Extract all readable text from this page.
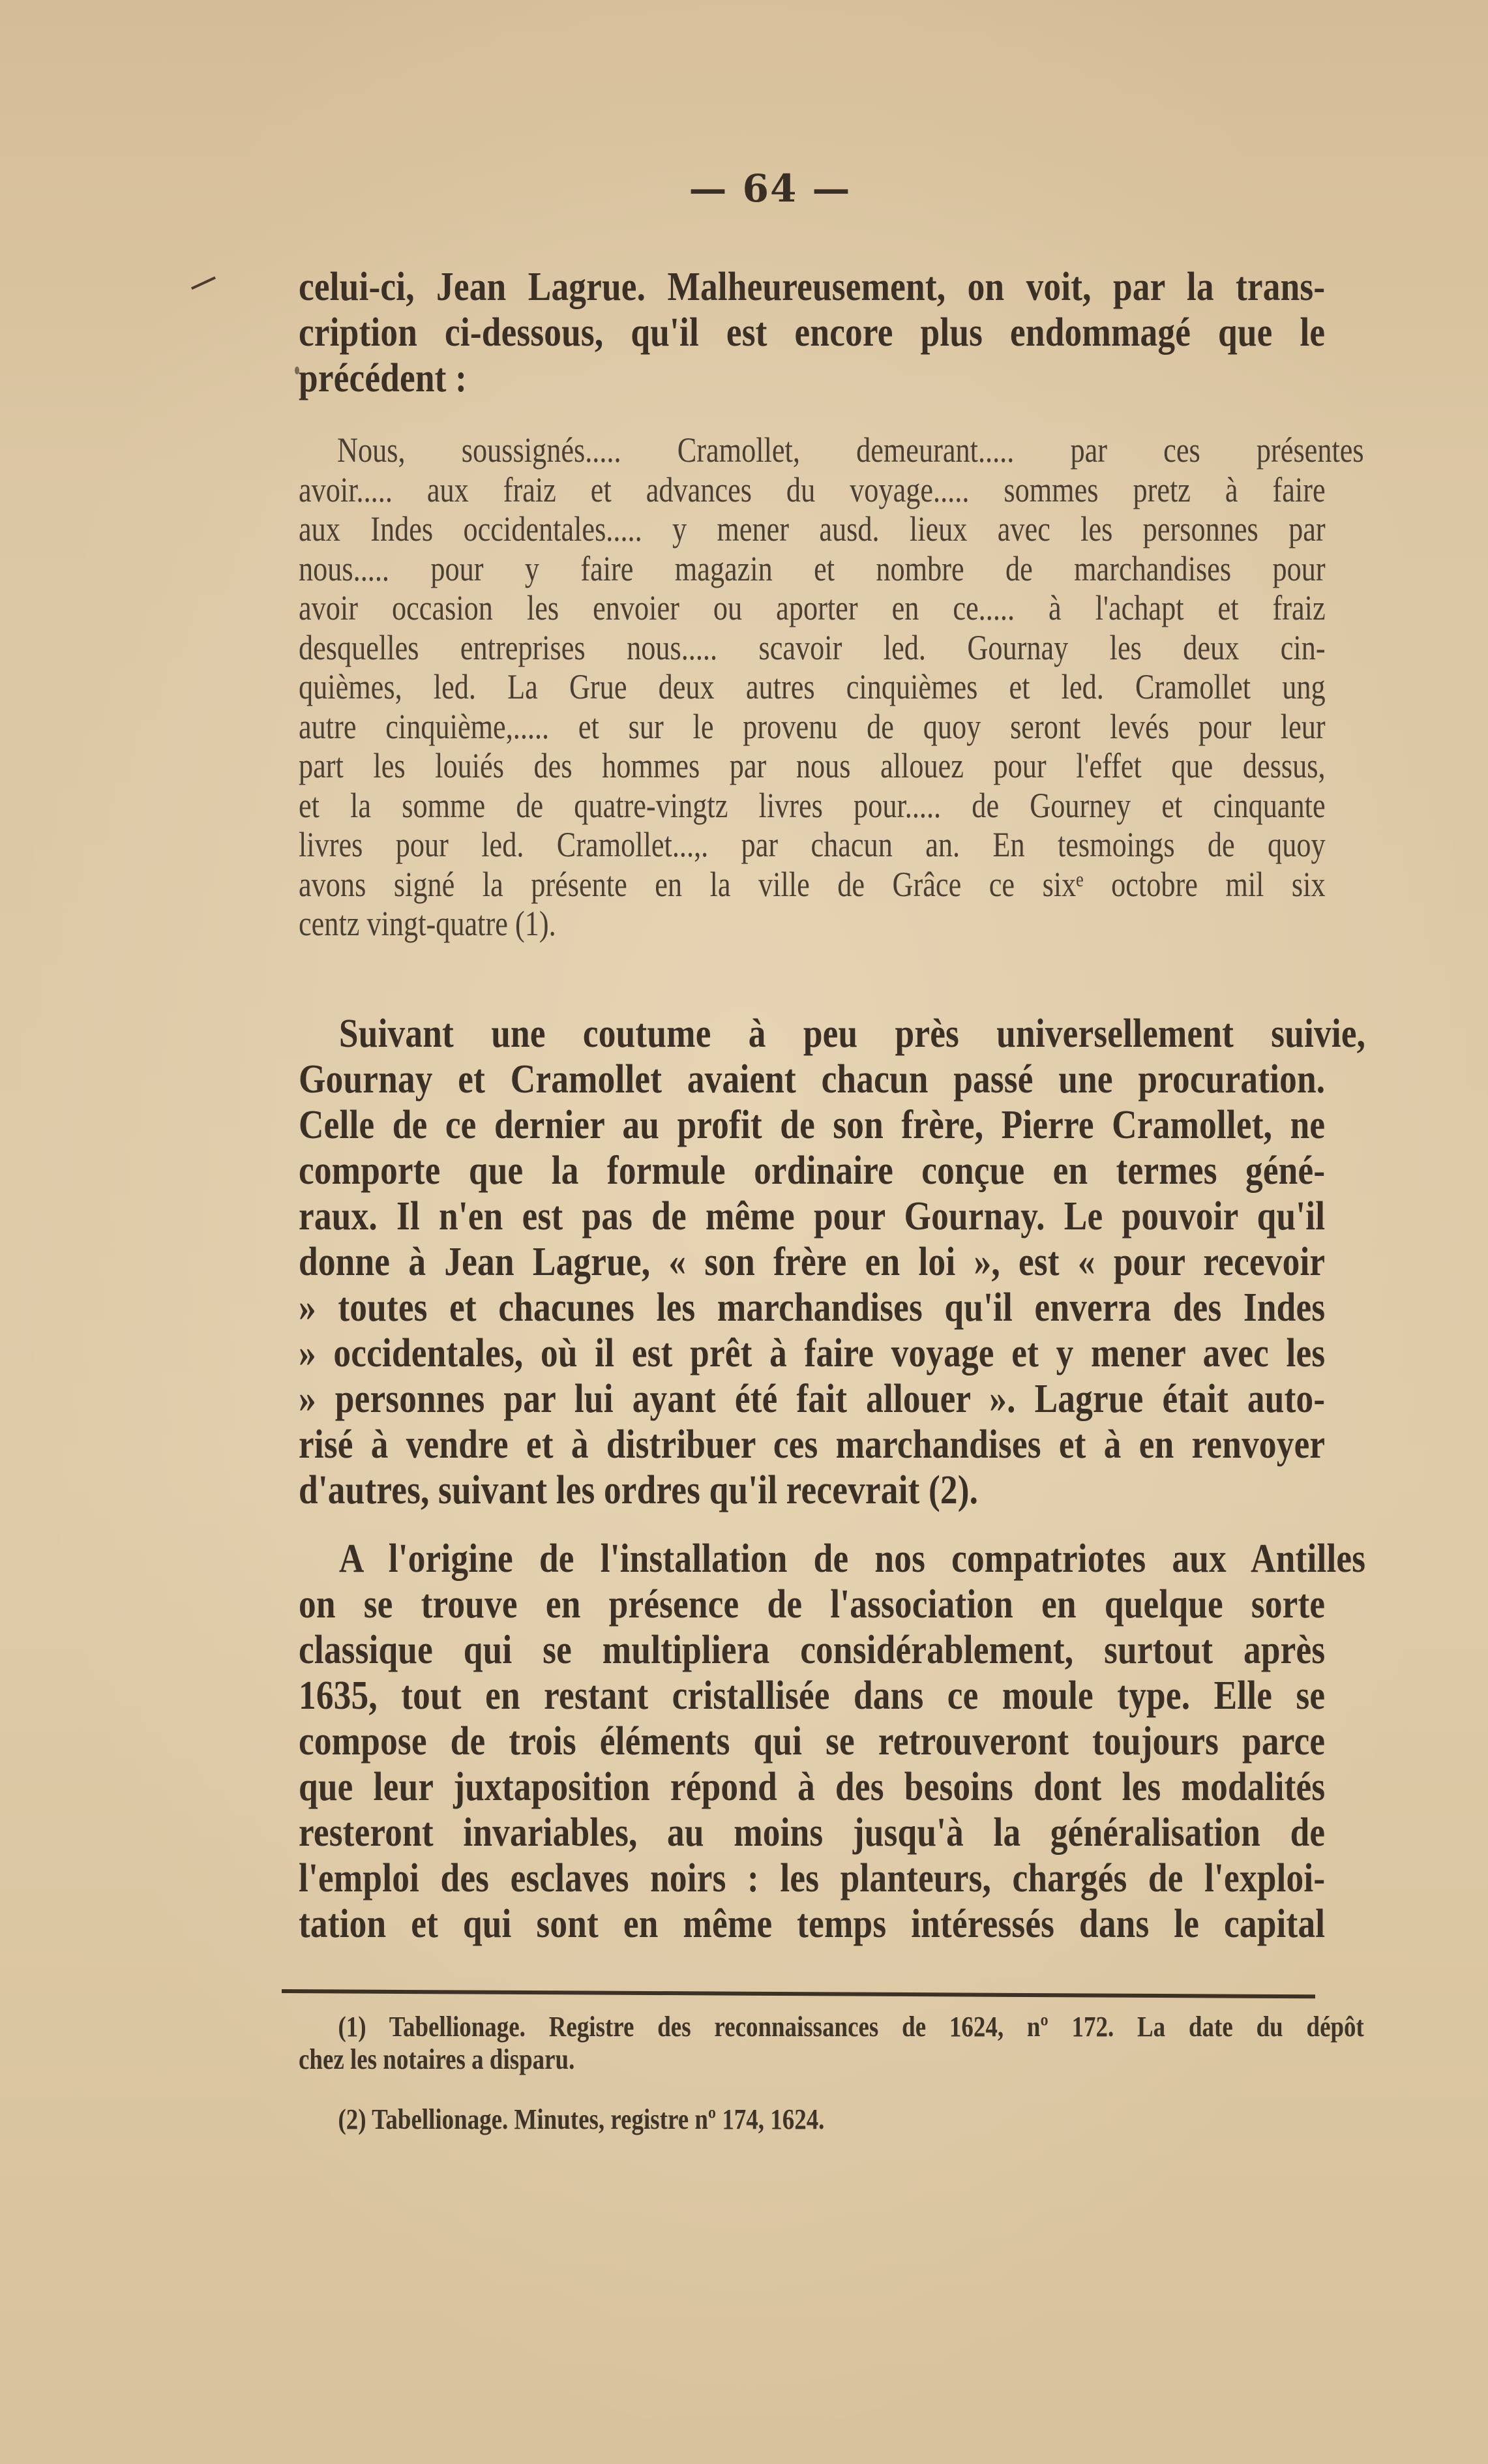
— 64 —
celui-ci, Jean Lagrue. Malheureusement, on voit, par la trans-
cription ci-dessous, qu'il est encore plus endommagé que le
précédent :
Nous, soussignés..... Cramollet, demeurant..... par ces présentes
avoir..... aux fraiz et advances du voyage..... sommes pretz à faire
aux Indes occidentales..... y mener ausd. lieux avec les personnes par
nous..... pour y faire magazin et nombre de marchandises pour
avoir occasion les envoier ou aporter en ce..... à l'achapt et fraiz
desquelles entreprises nous..... scavoir led. Gournay les deux cin-
quièmes, led. La Grue deux autres cinquièmes et led. Cramollet ung
autre cinquième,..... et sur le provenu de quoy seront levés pour leur
part les louiés des hommes par nous allouez pour l'effet que dessus,
et la somme de quatre-vingtz livres pour..... de Gourney et cinquante
livres pour led. Cramollet...,. par chacun an. En tesmoings de quoy
avons signé la présente en la ville de Grâce ce sixᵉ octobre mil six
centz vingt-quatre (1).
Suivant une coutume à peu près universellement suivie,
Gournay et Cramollet avaient chacun passé une procuration.
Celle de ce dernier au profit de son frère, Pierre Cramollet, ne
comporte que la formule ordinaire conçue en termes géné-
raux. Il n'en est pas de même pour Gournay. Le pouvoir qu'il
donne à Jean Lagrue, « son frère en loi », est « pour recevoir
» toutes et chacunes les marchandises qu'il enverra des Indes
» occidentales, où il est prêt à faire voyage et y mener avec les
» personnes par lui ayant été fait allouer ». Lagrue était auto-
risé à vendre et à distribuer ces marchandises et à en renvoyer
d'autres, suivant les ordres qu'il recevrait (2).
A l'origine de l'installation de nos compatriotes aux Antilles
on se trouve en présence de l'association en quelque sorte
classique qui se multipliera considérablement, surtout après
1635, tout en restant cristallisée dans ce moule type. Elle se
compose de trois éléments qui se retrouveront toujours parce
que leur juxtaposition répond à des besoins dont les modalités
resteront invariables, au moins jusqu'à la généralisation de
l'emploi des esclaves noirs : les planteurs, chargés de l'exploi-
tation et qui sont en même temps intéressés dans le capital
(1) Tabellionage. Registre des reconnaissances de 1624, nº 172. La date du dépôt
chez les notaires a disparu.
(2) Tabellionage. Minutes, registre nº 174, 1624.
